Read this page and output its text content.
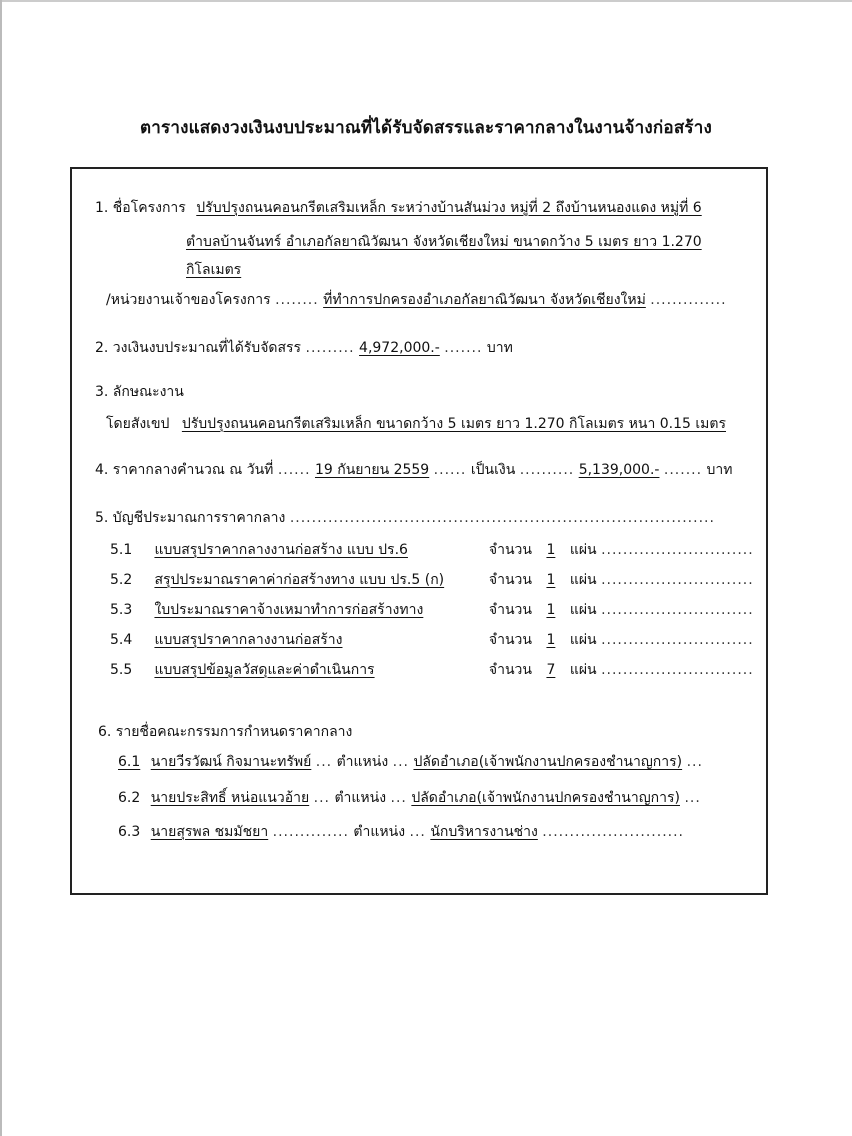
ตารางแสดงวงเงินงบประมาณที่ได้รับจัดสรรและราคากลางในงานจ้างก่อสร้าง
1. ชื่อโครงการ ปรับปรุงถนนคอนกรีตเสริมเหล็ก ระหว่างบ้านสันม่วง หมู่ที่ 2 ถึงบ้านหนองแดง หมู่ที่ 6
ตำบลบ้านจันทร์ อำเภอกัลยาณิวัฒนา จังหวัดเชียงใหม่ ขนาดกว้าง 5 เมตร ยาว 1.270
กิโลเมตร
/หน่วยงานเจ้าของโครงการ ........ ที่ทำการปกครองอำเภอกัลยาณิวัฒนา จังหวัดเชียงใหม่ ..............
2. วงเงินงบประมาณที่ได้รับจัดสรร ......... 4,972,000.- ....... บาท
3. ลักษณะงาน
โดยสังเขป ปรับปรุงถนนคอนกรีตเสริมเหล็ก ขนาดกว้าง 5 เมตร ยาว 1.270 กิโลเมตร หนา 0.15 เมตร
4. ราคากลางคำนวณ ณ วันที่ ...... 19 กันยายน 2559 ...... เป็นเงิน .......... 5,139,000.- ....... บาท
5. บัญชีประมาณการราคากลาง ..............................................................................
5.1 แบบสรุปราคากลางงานก่อสร้าง แบบ ปร.6	จำนวน 1 แผ่น ............................
5.2 สรุปประมาณราคาค่าก่อสร้างทาง แบบ ปร.5 (ก)	จำนวน 1 แผ่น ............................
5.3 ใบประมาณราคาจ้างเหมาทำการก่อสร้างทาง	จำนวน 1 แผ่น ............................
5.4 แบบสรุปราคากลางงานก่อสร้าง	จำนวน 1 แผ่น ............................
5.5 แบบสรุปข้อมูลวัสดุและค่าดำเนินการ	จำนวน 7 แผ่น ............................
6. รายชื่อคณะกรรมการกำหนดราคากลาง
6.1 นายวีรวัฒน์ กิจมานะทรัพย์ ... ตำแหน่ง ... ปลัดอำเภอ(เจ้าพนักงานปกครองชำนาญการ) ...
6.2 นายประสิทธิ์ หน่อแนวอ้าย ... ตำแหน่ง ... ปลัดอำเภอ(เจ้าพนักงานปกครองชำนาญการ) ...
6.3 นายสุรพล ชมมัชยา .............. ตำแหน่ง ... นักบริหารงานช่าง ..........................
